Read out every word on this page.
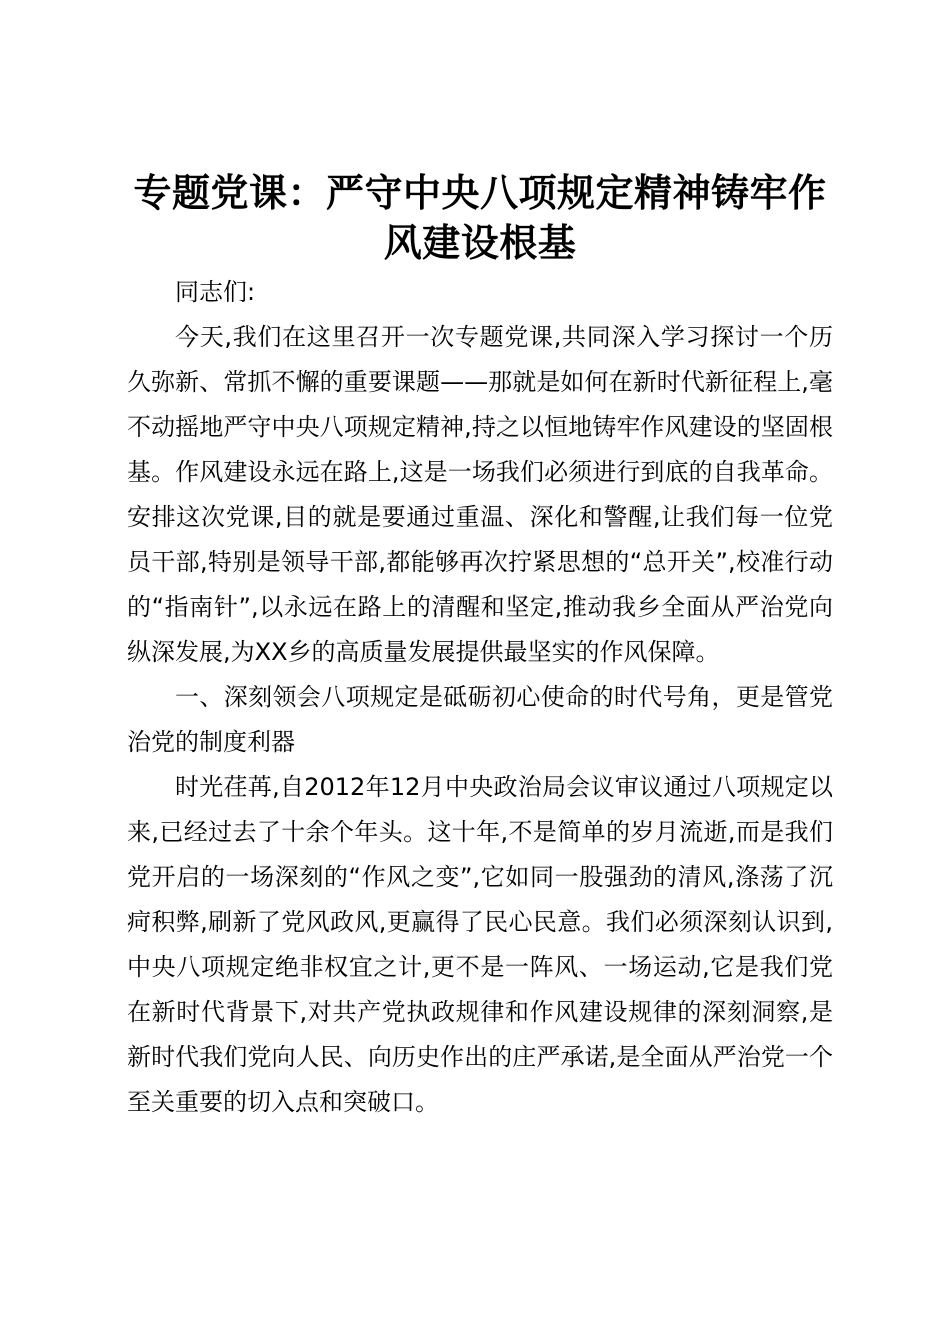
专题党课：严守中央八项规定精神铸牢作风建设根基

同志们:

今天,我们在这里召开一次专题党课,共同深入学习探讨一个历久弥新、常抓不懈的重要课题——那就是如何在新时代新征程上,毫不动摇地严守中央八项规定精神,持之以恒地铸牢作风建设的坚固根基。作风建设永远在路上,这是一场我们必须进行到底的自我革命。安排这次党课,目的就是要通过重温、深化和警醒,让我们每一位党员干部,特别是领导干部,都能够再次拧紧思想的“总开关”,校准行动的“指南针”,以永远在路上的清醒和坚定,推动我乡全面从严治党向纵深发展,为XX乡的高质量发展提供最坚实的作风保障。

一、深刻领会八项规定是砥砺初心使命的时代号角，更是管党治党的制度利器

时光荏苒,自2012年12月中央政治局会议审议通过八项规定以来,已经过去了十余个年头。这十年,不是简单的岁月流逝,而是我们党开启的一场深刻的“作风之变”,它如同一股强劲的清风,涤荡了沉疴积弊,刷新了党风政风,更赢得了民心民意。我们必须深刻认识到,中央八项规定绝非权宜之计,更不是一阵风、一场运动,它是我们党在新时代背景下,对共产党执政规律和作风建设规律的深刻洞察,是新时代我们党向人民、向历史作出的庄严承诺,是全面从严治党一个至关重要的切入点和突破口。
